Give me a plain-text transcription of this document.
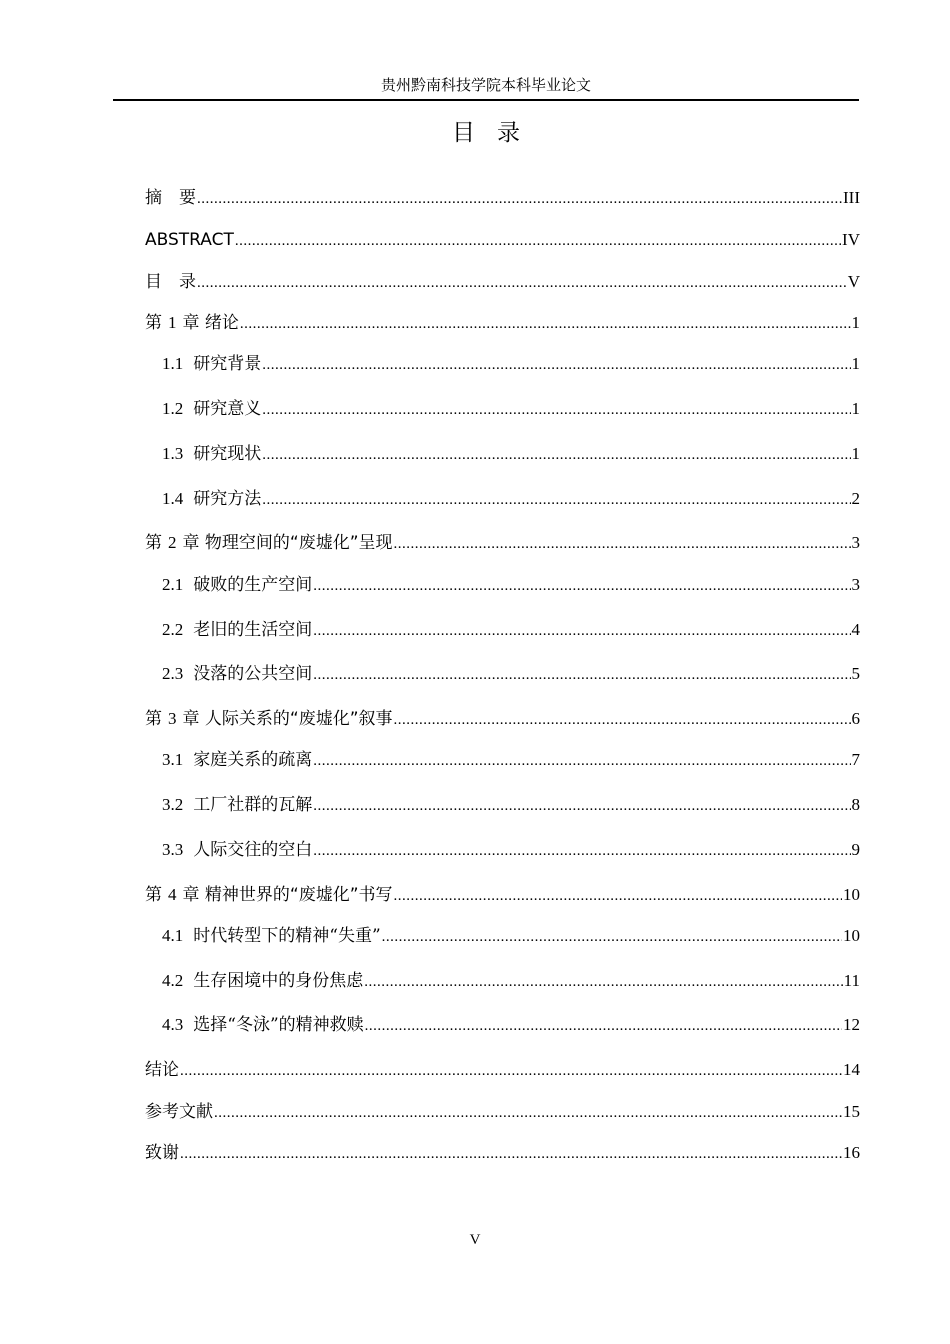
贵州黔南科技学院本科毕业论文
目录
摘　要 .....	III
ABSTRACT .....	IV
目　录 .....	V
第 1 章 绪论 .....	1
1.1 研究背景 .....	1
1.2 研究意义 .....	1
1.3 研究现状 .....	1
1.4 研究方法 .....	2
第 2 章 物理空间的“废墟化”呈现 .....	3
2.1 破败的生产空间 .....	3
2.2 老旧的生活空间 .....	4
2.3 没落的公共空间 .....	5
第 3 章 人际关系的“废墟化”叙事 .....	6
3.1 家庭关系的疏离 .....	7
3.2 工厂社群的瓦解 .....	8
3.3 人际交往的空白 .....	9
第 4 章 精神世界的“废墟化”书写 .....	10
4.1 时代转型下的精神“失重” .....	10
4.2 生存困境中的身份焦虑 .....	11
4.3 选择“冬泳”的精神救赎 .....	12
结论 .....	14
参考文献 .....	15
致谢 .....	16
V
